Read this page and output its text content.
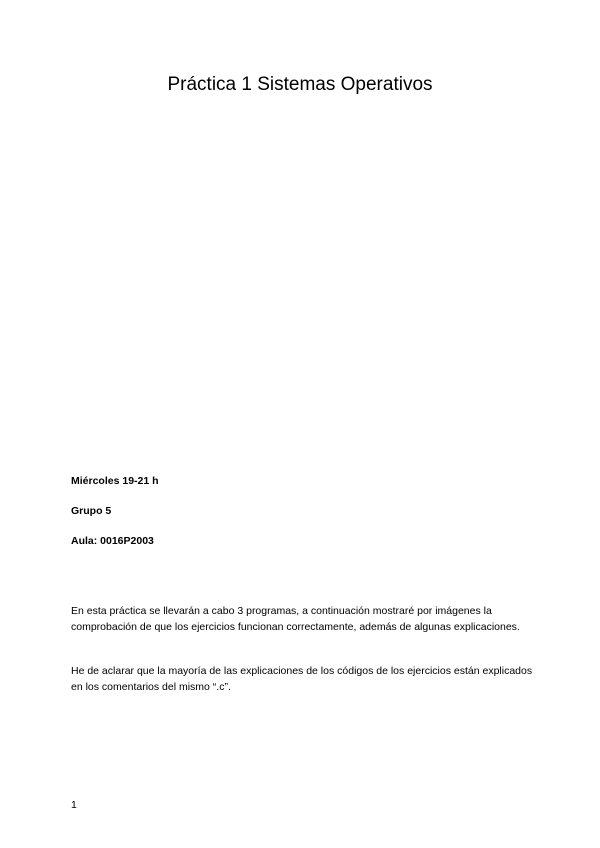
Práctica 1 Sistemas Operativos
Miércoles 19-21 h
Grupo 5
Aula: 0016P2003

En esta práctica se llevarán a cabo 3 programas, a continuación mostraré por imágenes la comprobación de que los ejercicios funcionan correctamente, además de algunas explicaciones.

He de aclarar que la mayoría de las explicaciones de los códigos de los ejercicios están explicados en los comentarios del mismo “.c”.

1
